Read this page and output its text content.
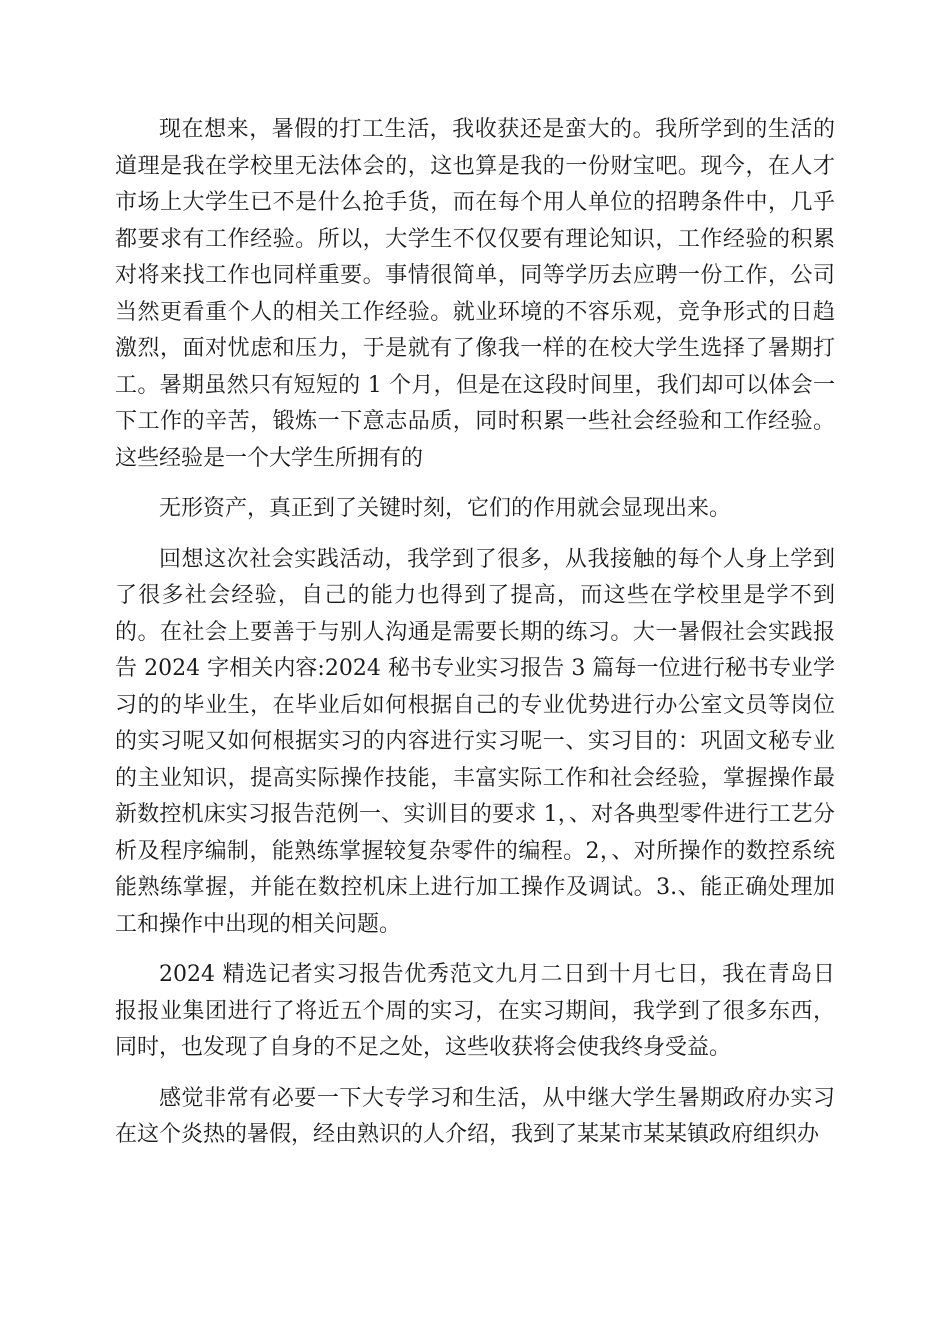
现在想来，暑假的打工生活，我收获还是蛮大的。我所学到的生活的道理是我在学校里无法体会的，这也算是我的一份财宝吧。现今，在人才市场上大学生已不是什么抢手货，而在每个用人单位的招聘条件中，几乎都要求有工作经验。所以，大学生不仅仅要有理论知识，工作经验的积累对将来找工作也同样重要。事情很简单，同等学历去应聘一份工作，公司当然更看重个人的相关工作经验。就业环境的不容乐观，竞争形式的日趋激烈，面对忧虑和压力，于是就有了像我一样的在校大学生选择了暑期打工。暑期虽然只有短短的 1 个月，但是在这段时间里，我们却可以体会一下工作的辛苦，锻炼一下意志品质，同时积累一些社会经验和工作经验。这些经验是一个大学生所拥有的

无形资产，真正到了关键时刻，它们的作用就会显现出来。

回想这次社会实践活动，我学到了很多，从我接触的每个人身上学到了很多社会经验，自己的能力也得到了提高，而这些在学校里是学不到的。在社会上要善于与别人沟通是需要长期的练习。大一暑假社会实践报告 2024 字相关内容:2024 秘书专业实习报告 3 篇每一位进行秘书专业学习的的毕业生，在毕业后如何根据自己的专业优势进行办公室文员等岗位的实习呢又如何根据实习的内容进行实习呢一、实习目的：巩固文秘专业的主业知识，提高实际操作技能，丰富实际工作和社会经验，掌握操作最新数控机床实习报告范例一、实训目的要求 1，、对各典型零件进行工艺分析及程序编制，能熟练掌握较复杂零件的编程。2，、对所操作的数控系统能熟练掌握，并能在数控机床上进行加工操作及调试。3.、能正确处理加工和操作中出现的相关问题。

2024 精选记者实习报告优秀范文九月二日到十月七日，我在青岛日报报业集团进行了将近五个周的实习，在实习期间，我学到了很多东西，同时，也发现了自身的不足之处，这些收获将会使我终身受益。

感觉非常有必要一下大专学习和生活，从中继大学生暑期政府办实习在这个炎热的暑假，经由熟识的人介绍，我到了某某市某某镇政府组织办
